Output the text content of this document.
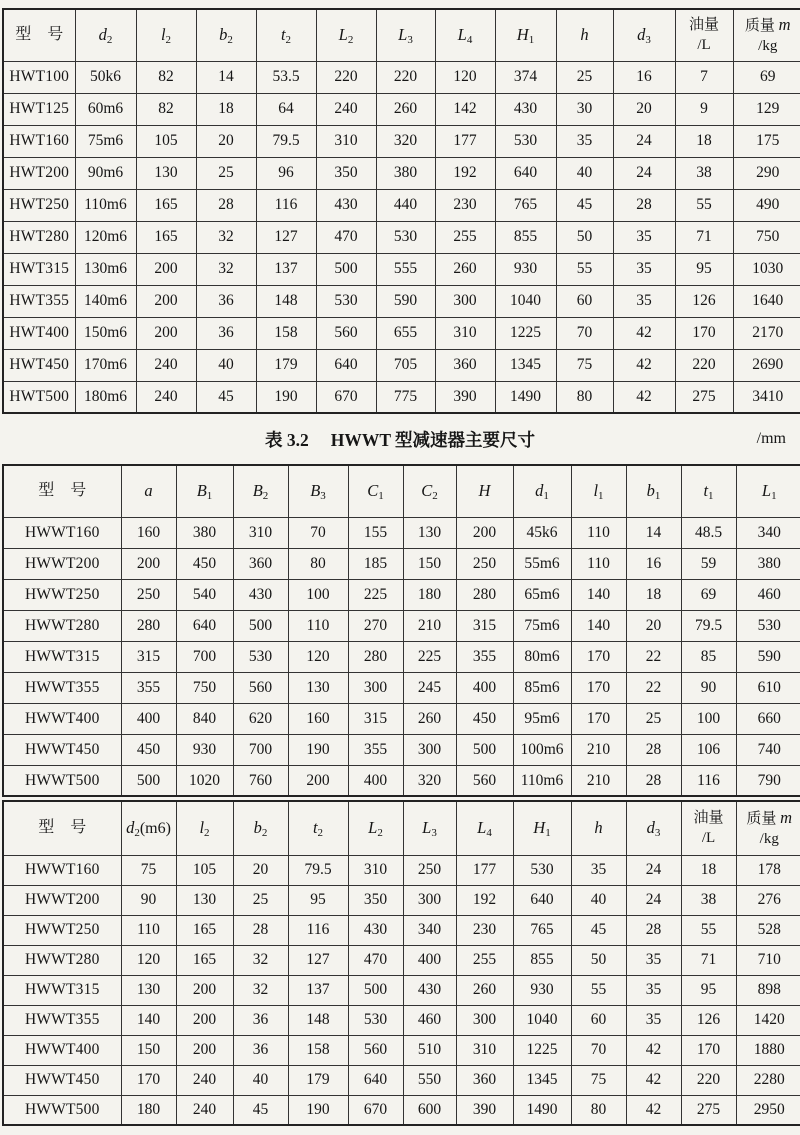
型　号	$d_2$	$l_2$	$b_2$	$t_2$	$L_2$	$L_3$	$L_4$	$H_1$	h	$d_3$	油量
/L	质量 m
/kg
HWT100	50k6	82	14	53.5	220	220	120	374	25	16	7	69
HWT125	60m6	82	18	64	240	260	142	430	30	20	9	129
HWT160	75m6	105	20	79.5	310	320	177	530	35	24	18	175
HWT200	90m6	130	25	96	350	380	192	640	40	24	38	290
HWT250	110m6	165	28	116	430	440	230	765	45	28	55	490
HWT280	120m6	165	32	127	470	530	255	855	50	35	71	750
HWT315	130m6	200	32	137	500	555	260	930	55	35	95	1030
HWT355	140m6	200	36	148	530	590	300	1040	60	35	126	1640
HWT400	150m6	200	36	158	560	655	310	1225	70	42	170	2170
HWT450	170m6	240	40	179	640	705	360	1345	75	42	220	2690
HWT500	180m6	240	45	190	670	775	390	1490	80	42	275	3410
表 3.2 HWWT 型减速器主要尺寸	/mm
型　号	a	$B_1$	$B_2$	$B_3$	$C_1$	$C_2$	H	$d_1$	$l_1$	$b_1$	$t_1$	$L_1$
HWWT160	160	380	310	70	155	130	200	45k6	110	14	48.5	340
HWWT200	200	450	360	80	185	150	250	55m6	110	16	59	380
HWWT250	250	540	430	100	225	180	280	65m6	140	18	69	460
HWWT280	280	640	500	110	270	210	315	75m6	140	20	79.5	530
HWWT315	315	700	530	120	280	225	355	80m6	170	22	85	590
HWWT355	355	750	560	130	300	245	400	85m6	170	22	90	610
HWWT400	400	840	620	160	315	260	450	95m6	170	25	100	660
HWWT450	450	930	700	190	355	300	500	100m6	210	28	106	740
HWWT500	500	1020	760	200	400	320	560	110m6	210	28	116	790
型　号	$d_2(m6)$	$l_2$	$b_2$	$t_2$	$L_2$	$L_3$	$L_4$	$H_1$	h	$d_3$	油量
/L	质量 m
/kg
HWWT160	75	105	20	79.5	310	250	177	530	35	24	18	178
HWWT200	90	130	25	95	350	300	192	640	40	24	38	276
HWWT250	110	165	28	116	430	340	230	765	45	28	55	528
HWWT280	120	165	32	127	470	400	255	855	50	35	71	710
HWWT315	130	200	32	137	500	430	260	930	55	35	95	898
HWWT355	140	200	36	148	530	460	300	1040	60	35	126	1420
HWWT400	150	200	36	158	560	510	310	1225	70	42	170	1880
HWWT450	170	240	40	179	640	550	360	1345	75	42	220	2280
HWWT500	180	240	45	190	670	600	390	1490	80	42	275	2950
